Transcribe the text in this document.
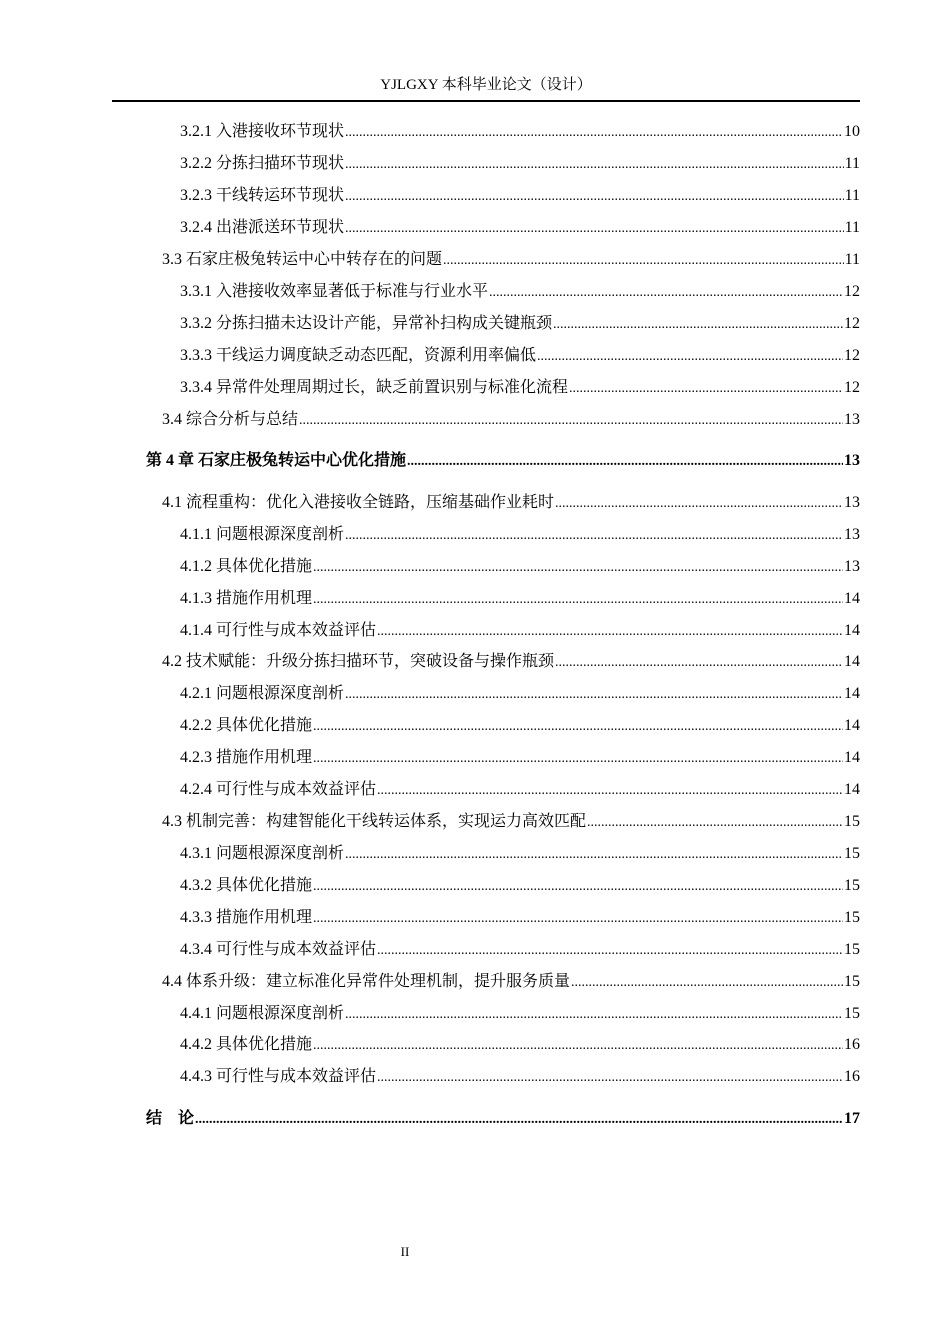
YJLGXY 本科毕业论文（设计）
3.2.1 入港接收环节现状 .....	10
3.2.2 分拣扫描环节现状 .....	11
3.2.3 干线转运环节现状 .....	11
3.2.4 出港派送环节现状 .....	11
3.3 石家庄极兔转运中心中转存在的问题 .....	11
3.3.1 入港接收效率显著低于标准与行业水平 .....	12
3.3.2 分拣扫描未达设计产能，异常补扫构成关键瓶颈 .....	12
3.3.3 干线运力调度缺乏动态匹配，资源利用率偏低 .....	12
3.3.4 异常件处理周期过长，缺乏前置识别与标准化流程 .....	12
3.4 综合分析与总结 .....	13
第 4 章 石家庄极兔转运中心优化措施 .....	13
4.1 流程重构：优化入港接收全链路，压缩基础作业耗时 .....	13
4.1.1 问题根源深度剖析 .....	13
4.1.2 具体优化措施 .....	13
4.1.3 措施作用机理 .....	14
4.1.4 可行性与成本效益评估 .....	14
4.2 技术赋能：升级分拣扫描环节，突破设备与操作瓶颈 .....	14
4.2.1 问题根源深度剖析 .....	14
4.2.2 具体优化措施 .....	14
4.2.3 措施作用机理 .....	14
4.2.4 可行性与成本效益评估 .....	14
4.3 机制完善：构建智能化干线转运体系，实现运力高效匹配 .....	15
4.3.1 问题根源深度剖析 .....	15
4.3.2 具体优化措施 .....	15
4.3.3 措施作用机理 .....	15
4.3.4 可行性与成本效益评估 .....	15
4.4 体系升级：建立标准化异常件处理机制，提升服务质量 .....	15
4.4.1 问题根源深度剖析 .....	15
4.4.2 具体优化措施 .....	16
4.4.3 可行性与成本效益评估 .....	16
结    论 .....	17
II
